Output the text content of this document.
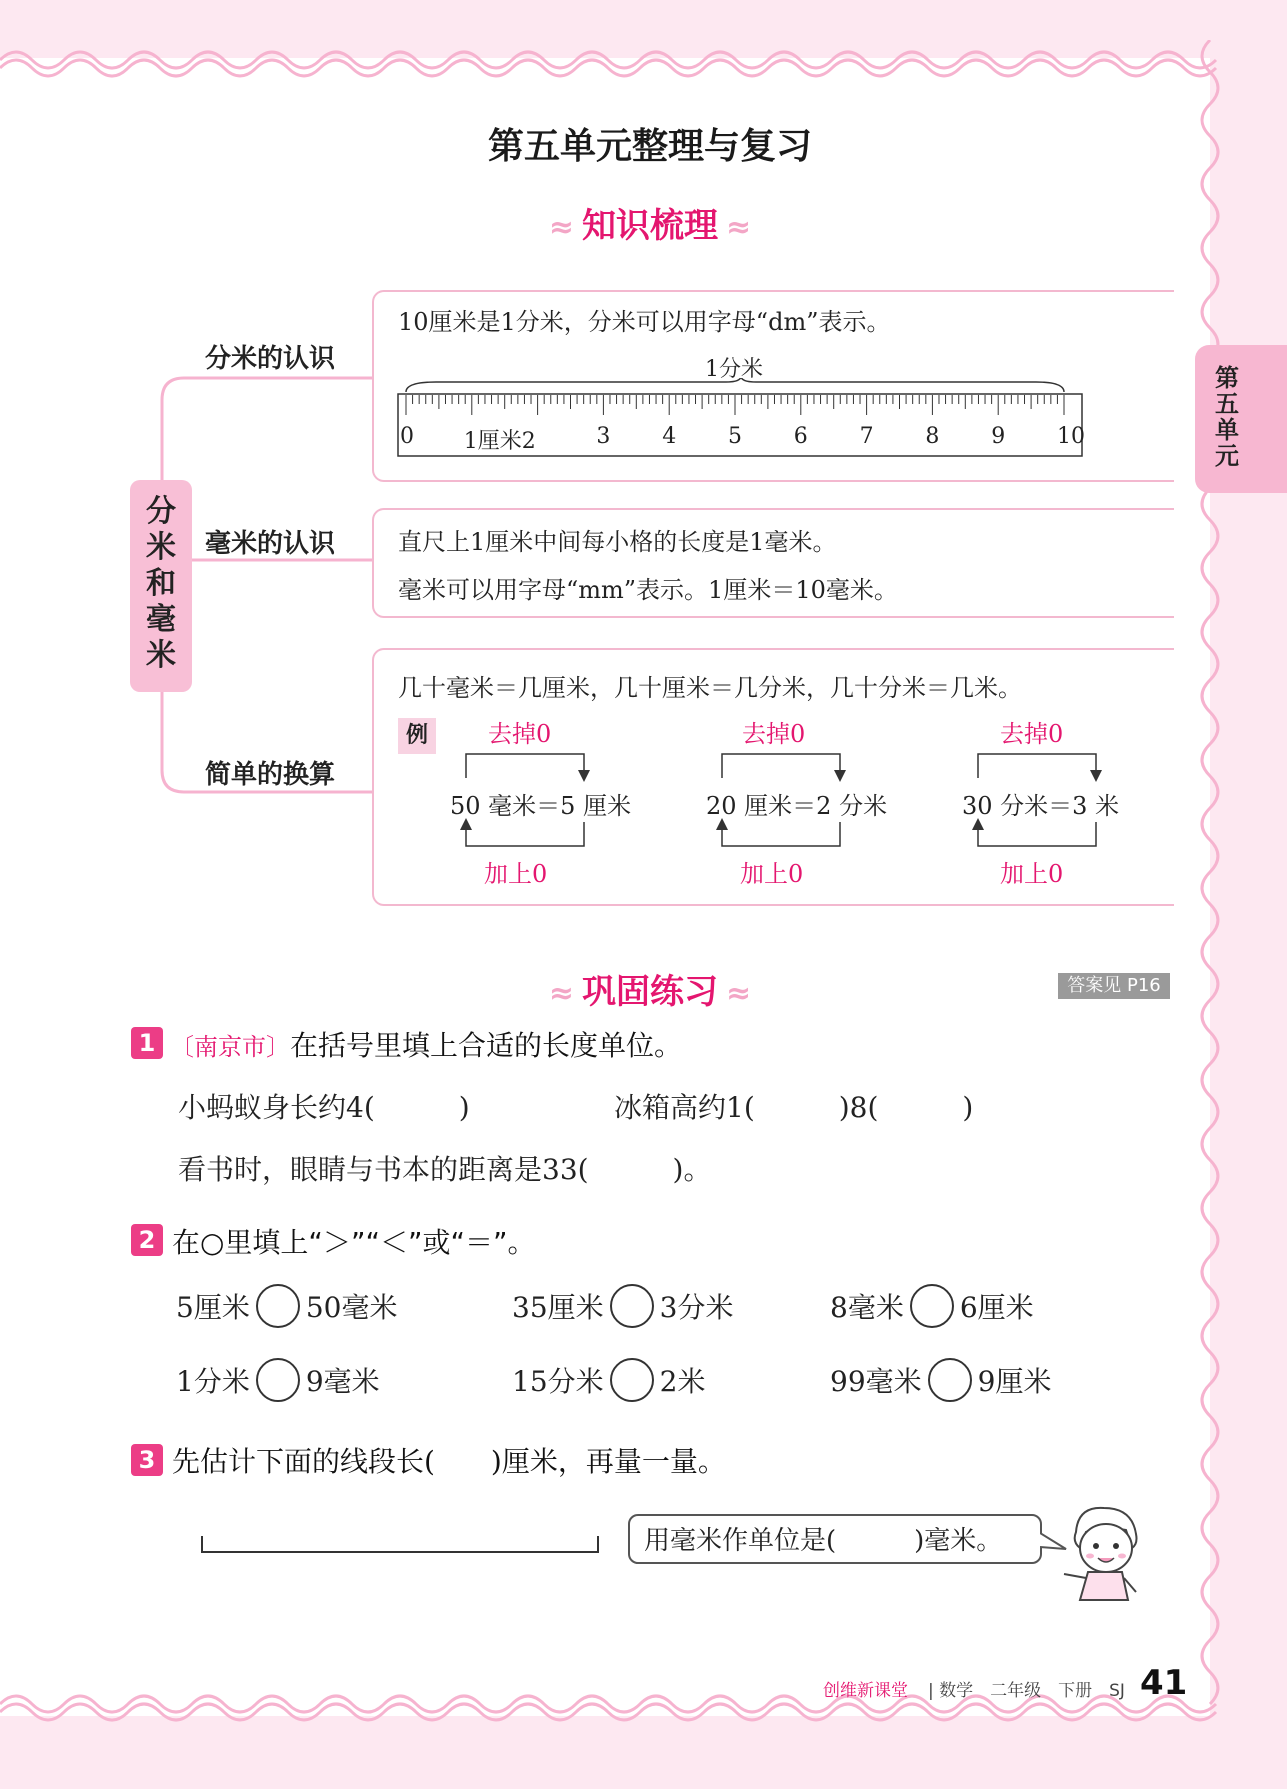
第五单元
第五单元整理与复习
≈ 知识梳理 ≈
分米和毫米
分米的认识
毫米的认识
简单的换算
10厘米是1分米，分米可以用字母“dm”表示。
1分米
0 1厘米2	3 4 5 6 7 8 9 10
直尺上1厘米中间每小格的长度是1毫米。
毫米可以用字母“mm”表示。1厘米＝10毫米。
几十毫米＝几厘米，几十厘米＝几分米，几十分米＝几米。
例	去掉0	去掉0	去掉0
50 毫米＝5 厘米	20 厘米＝2 分米	30 分米＝3 米
加上0	加上0	加上0
≈ 巩固练习 ≈	答案见 P16
1 〔南京市〕在括号里填上合适的长度单位。
小蚂蚁身长约4(　　　)	冰箱高约1(　　　)8(　　　)
看书时，眼睛与书本的距离是33(　　　)。
2 在○里填上“＞”“＜”或“＝”。
5厘米 50毫米	35厘米 3分米	8毫米 6厘米
1分米 9毫米	15分米 2米	99毫米 9厘米
3 先估计下面的线段长(　　)厘米，再量一量。
用毫米作单位是(　　　)毫米。
创维新课堂 | 数学　二年级　下册　SJ 41
